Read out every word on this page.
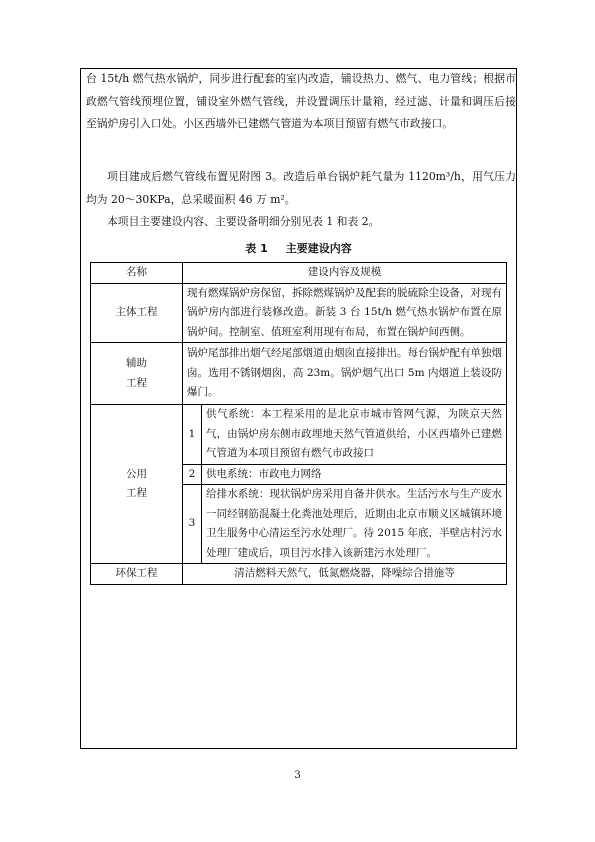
台 15t/h 燃气热水锅炉，同步进行配套的室内改造，铺设热力、燃气、电力管线；根据市政燃气管线预埋位置，铺设室外燃气管线，并设置调压计量箱，经过滤、计量和调压后接至锅炉房引入口处。小区西墙外已建燃气管道为本项目预留有燃气市政接口。

项目建成后燃气管线布置见附图 3。改造后单台锅炉耗气量为 1120m³/h，用气压力均为 20～30KPa，总采暖面积 46 万 m²。

本项目主要建设内容、主要设备明细分别见表 1 和表 2。

表 1 主要建设内容
名称	建设内容及规模	
主体工程	现有燃煤锅炉房保留，拆除燃煤锅炉及配套的脱硫除尘设备，对现有锅炉房内部进行装修改造。新装 3 台 15t/h 燃气热水锅炉布置在原锅炉间。控制室、值班室利用现有布局，布置在锅炉间西侧。	
辅助
工程	锅炉尾部排出烟气经尾部烟道由烟囱直接排出。每台锅炉配有单独烟囱。选用不锈钢烟囱，高 23m。锅炉烟气出口 5m 内烟道上装设防爆门。	
公用
工程	1	供气系统：本工程采用的是北京市城市管网气源，为陕京天然气，由锅炉房东侧市政埋地天然气管道供给，小区西墙外已建燃气管道为本项目预留有燃气市政接口
	2	供电系统：市政电力网络
	3	给排水系统：现状锅炉房采用自备井供水。生活污水与生产废水一同经钢筋混凝土化粪池处理后，近期由北京市顺义区城镇环境卫生服务中心清运至污水处理厂。待 2015 年底，半壁店村污水处理厂建成后，项目污水排入该新建污水处理厂。
环保工程	清洁燃料天然气，低氮燃烧器，降噪综合措施等	
3
